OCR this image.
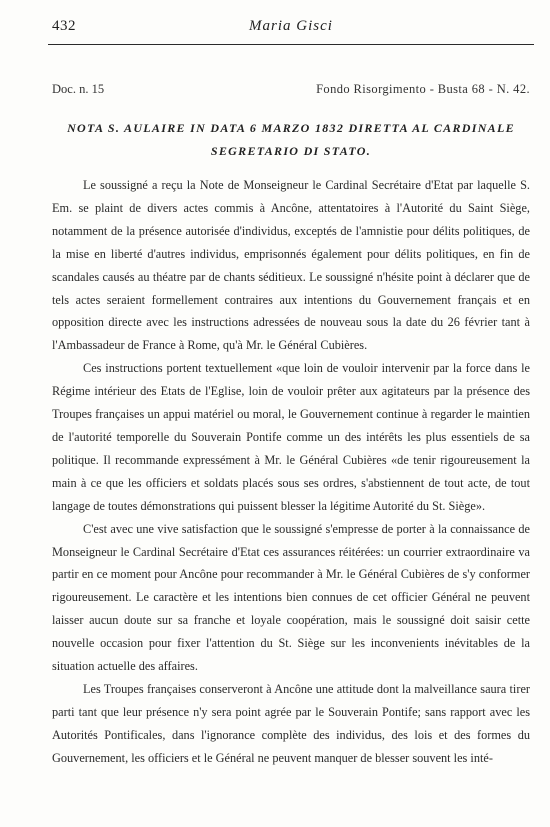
432	Maria Gisci
Doc. n. 15	Fondo Risorgimento - Busta 68 - N. 42.
NOTA S. AULAIRE IN DATA 6 MARZO 1832 DIRETTA AL CARDINALE
SEGRETARIO DI STATO.

Le soussigné a reçu la Note de Monseigneur le Cardinal Secrétaire d'Etat par laquelle S. Em. se plaint de divers actes commis à Ancône, attentatoires à l'Autorité du Saint Siège, notamment de la présence autorisée d'individus, exceptés de l'amnistie pour délits politiques, de la mise en liberté d'autres individus, emprisonnés également pour délits politiques, en fin de scandales causés au théatre par de chants séditieux. Le soussigné n'hésite point à déclarer que de tels actes seraient formellement contraires aux intentions du Gouvernement français et en opposition directe avec les instructions adressées de nouveau sous la date du 26 février tant à l'Ambassadeur de France à Rome, qu'à Mr. le Général Cubières.

Ces instructions portent textuellement «que loin de vouloir intervenir par la force dans le Régime intérieur des Etats de l'Eglise, loin de vouloir prêter aux agitateurs par la présence des Troupes françaises un appui matériel ou moral, le Gouvernement continue à regarder le maintien de l'autorité temporelle du Souverain Pontife comme un des intérêts les plus essentiels de sa politique. Il recommande expressément à Mr. le Général Cubières «de tenir rigoureusement la main à ce que les officiers et soldats placés sous ses ordres, s'abstiennent de tout acte, de tout langage de toutes démonstrations qui puissent blesser la légitime Autorité du St. Siège».

C'est avec une vive satisfaction que le soussigné s'empresse de porter à la connaissance de Monseigneur le Cardinal Secrétaire d'Etat ces assurances réitérées: un courrier extraordinaire va partir en ce moment pour Ancône pour recommander à Mr. le Général Cubières de s'y conformer rigoureusement. Le caractère et les intentions bien connues de cet officier Général ne peuvent laisser aucun doute sur sa franche et loyale coopération, mais le soussigné doit saisir cette nouvelle occasion pour fixer l'attention du St. Siège sur les inconvenients inévitables de la situation actuelle des affaires.

Les Troupes françaises conserveront à Ancône une attitude dont la malveillance saura tirer parti tant que leur présence n'y sera point agrée par le Souverain Pontife; sans rapport avec les Autorités Pontificales, dans l'ignorance complète des individus, des lois et des formes du Gouvernement, les officiers et le Général ne peuvent manquer de blesser souvent les inté-
